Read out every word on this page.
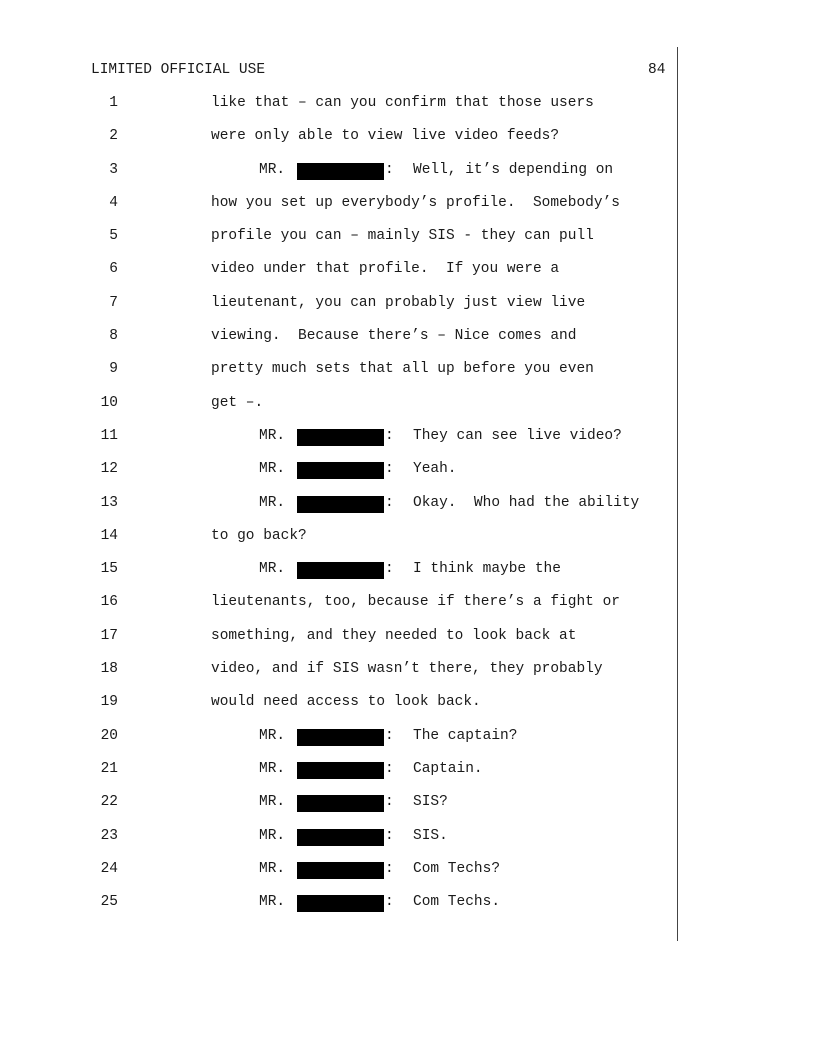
LIMITED OFFICIAL USE	84
1	like that – can you confirm that those users
2	were only able to view live video feeds?
3	MR.	: Well, it’s depending on
4	how you set up everybody’s profile.  Somebody’s
5	profile you can – mainly SIS - they can pull
6	video under that profile.  If you were a
7	lieutenant, you can probably just view live
8	viewing.  Because there’s – Nice comes and
9	pretty much sets that all up before you even
10	get –.
11	MR.	: They can see live video?
12	MR.	: Yeah.
13	MR.	: Okay.  Who had the ability
14	to go back?
15	MR.	: I think maybe the
16	lieutenants, too, because if there’s a fight or
17	something, and they needed to look back at
18	video, and if SIS wasn’t there, they probably
19	would need access to look back.
20	MR.	: The captain?
21	MR.	: Captain.
22	MR.	: SIS?
23	MR.	: SIS.
24	MR.	: Com Techs?
25	MR.	: Com Techs.
